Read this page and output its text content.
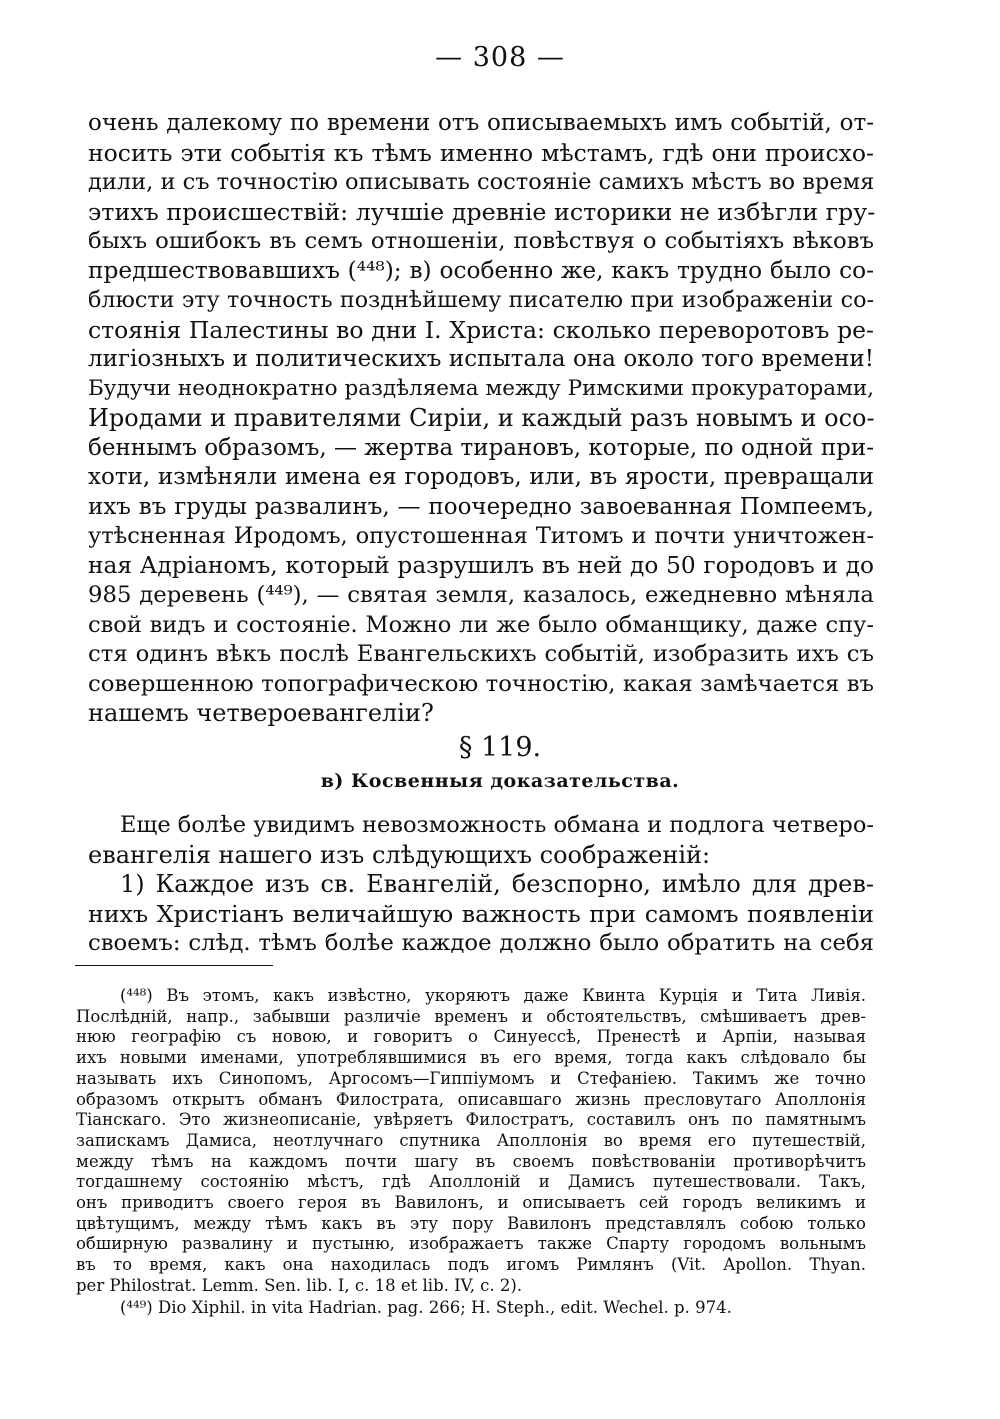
— 308 —
очень далекому по времени отъ описываемыхъ имъ событій, от-
носить эти событія къ тѣмъ именно мѣстамъ, гдѣ они происхо-
дили, и съ точностію описывать состояніе самихъ мѣстъ во время
этихъ происшествій: лучшіе древніе историки не избѣгли гру-
быхъ ошибокъ въ семъ отношеніи, повѣствуя о событіяхъ вѣковъ
предшествовавшихъ (⁴⁴⁸); в) особенно же, какъ трудно было со-
блюсти эту точность позднѣйшему писателю при изображеніи со-
стоянія Палестины во дни І. Христа: сколько переворотовъ ре-
лигіозныхъ и политическихъ испытала она около того времени!
Будучи неоднократно раздѣляема между Римскими прокураторами,
Иродами и правителями Сиріи, и каждый разъ новымъ и осо-
беннымъ образомъ, — жертва тирановъ, которые, по одной при-
хоти, измѣняли имена ея городовъ, или, въ ярости, превращали
ихъ въ груды развалинъ, — поочередно завоеванная Помпеемъ,
утѣсненная Иродомъ, опустошенная Титомъ и почти уничтожен-
ная Адріаномъ, который разрушилъ въ ней до 50 городовъ и до
985 деревень (⁴⁴⁹), — святая земля, казалось, ежедневно мѣняла
свой видъ и состояніе. Можно ли же было обманщику, даже спу-
стя одинъ вѣкъ послѣ Евангельскихъ событій, изобразить ихъ съ
совершенною топографическою точностію, какая замѣчается въ
нашемъ четвероевангеліи?
§ 119.
в) Косвенныя доказательства.
Еще болѣе увидимъ невозможность обмана и подлога четверо-
евангелія нашего изъ слѣдующихъ соображеній:
1) Каждое изъ св. Евангелій, безспорно, имѣло для древ-
нихъ Христіанъ величайшую важность при самомъ появленіи
своемъ: слѣд. тѣмъ болѣе каждое должно было обратить на себя
(⁴⁴⁸) Въ этомъ, какъ извѣстно, укоряютъ даже Квинта Курція и Тита Ливія.
Послѣдній, напр., забывши различіе временъ и обстоятельствъ, смѣшиваетъ древ-
нюю географію съ новою, и говоритъ о Синуессѣ, Пренестѣ и Арпіи, называя
ихъ новыми именами, употреблявшимися въ его время, тогда какъ слѣдовало бы
называть ихъ Синопомъ, Аргосомъ—Гиппіумомъ и Стефаніею. Такимъ же точно
образомъ открытъ обманъ Филострата, описавшаго жизнь пресловутаго Аполлонія
Тіанскаго. Это жизнеописаніе, увѣряетъ Филостратъ, составилъ онъ по памятнымъ
запискамъ Дамиса, неотлучнаго спутника Аполлонія во время его путешествій,
между тѣмъ на каждомъ почти шагу въ своемъ повѣствованіи противорѣчитъ
тогдашнему состоянію мѣстъ, гдѣ Аполлоній и Дамисъ путешествовали. Такъ,
онъ приводитъ своего героя въ Вавилонъ, и описываетъ сей городъ великимъ и
цвѣтущимъ, между тѣмъ какъ въ эту пору Вавилонъ представлялъ собою только
обширную развалину и пустыню, изображаетъ также Спарту городомъ вольнымъ
въ то время, какъ она находилась подъ игомъ Римлянъ (Vit. Apollon. Thyan.
per Philostrat. Lemm. Sen. lib. I, c. 18 et lib. IV, c. 2).
(⁴⁴⁹) Dio Xiphil. in vita Hadrian. pag. 266; H. Steph., edit. Wechel. p. 974.
